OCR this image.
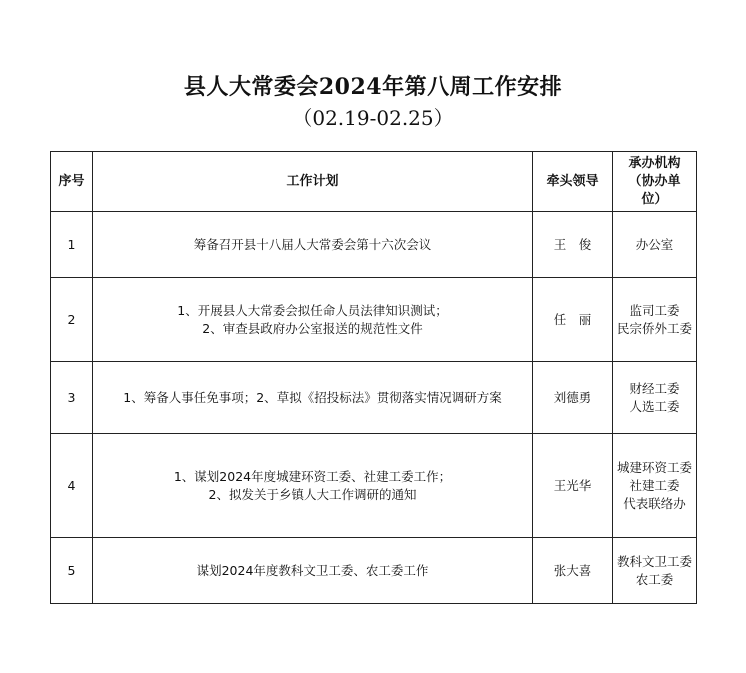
县人大常委会2024年第八周工作安排
（02.19-02.25）
序号	工作计划	牵头领导	承办机构
（协办单
位）

1	筹备召开县十八届人大常委会第十六次会议	王　俊	办公室

2	1、开展县人大常委会拟任命人员法律知识测试；
2、审查县政府办公室报送的规范性文件	任　丽	监司工委
民宗侨外工委

3	1、筹备人事任免事项；2、草拟《招投标法》贯彻落实情况调研方案	刘德勇	财经工委
人选工委

4	1、谋划2024年度城建环资工委、社建工委工作；
2、拟发关于乡镇人大工作调研的通知	王光华	城建环资工委
社建工委
代表联络办

5	谋划2024年度教科文卫工委、农工委工作	张大喜	教科文卫工委
农工委
